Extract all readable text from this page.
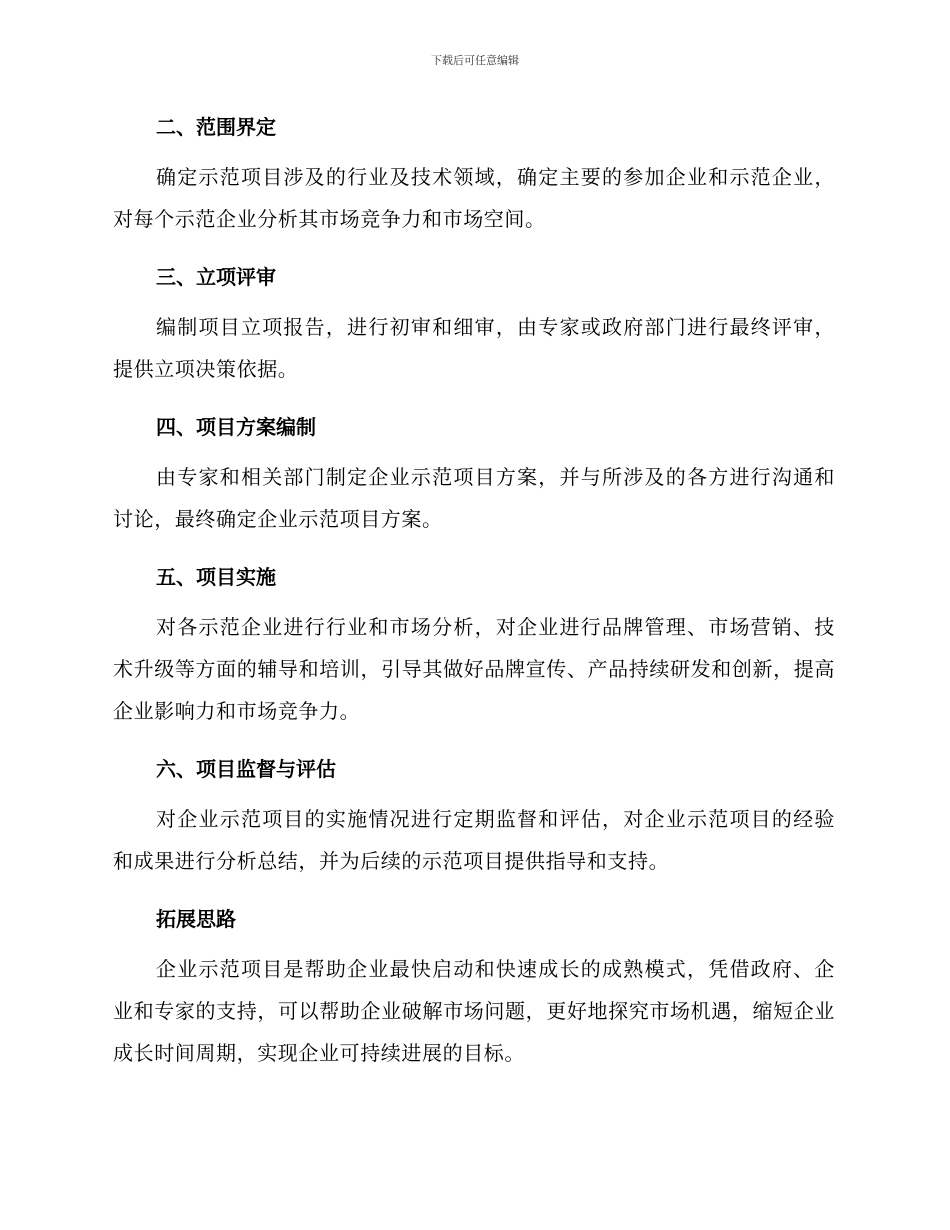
下载后可任意编辑
二、范围界定

确定示范项目涉及的行业及技术领域，确定主要的参加企业和示范企业，对每个示范企业分析其市场竞争力和市场空间。

三、立项评审

编制项目立项报告，进行初审和细审，由专家或政府部门进行最终评审，提供立项决策依据。

四、项目方案编制

由专家和相关部门制定企业示范项目方案，并与所涉及的各方进行沟通和讨论，最终确定企业示范项目方案。

五、项目实施

对各示范企业进行行业和市场分析，对企业进行品牌管理、市场营销、技术升级等方面的辅导和培训，引导其做好品牌宣传、产品持续研发和创新，提高企业影响力和市场竞争力。

六、项目监督与评估

对企业示范项目的实施情况进行定期监督和评估，对企业示范项目的经验和成果进行分析总结，并为后续的示范项目提供指导和支持。

拓展思路

企业示范项目是帮助企业最快启动和快速成长的成熟模式，凭借政府、企业和专家的支持，可以帮助企业破解市场问题，更好地探究市场机遇，缩短企业成长时间周期，实现企业可持续进展的目标。
